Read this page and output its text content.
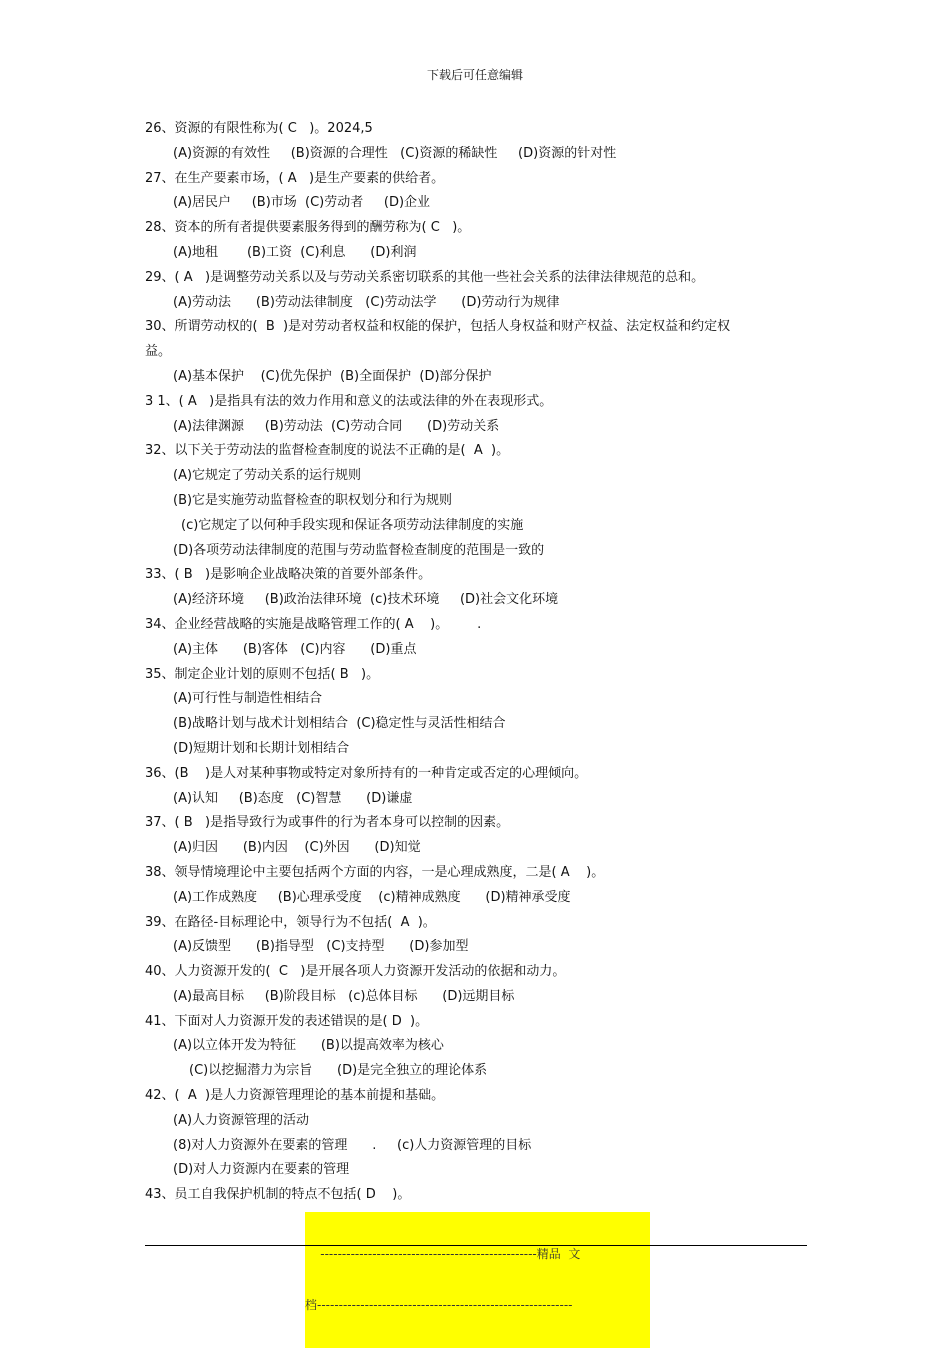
下载后可任意编辑
26、资源的有限性称为( C   )。2024,5
(A)资源的有效性     (B)资源的合理性   (C)资源的稀缺性     (D)资源的针对性
27、在生产要素市场，( A   )是生产要素的供给者。
(A)居民户     (B)市场  (C)劳动者     (D)企业
28、资本的所有者提供要素服务得到的酬劳称为( C   )。
(A)地租       (B)工资  (C)利息      (D)利润
29、( A   )是调整劳动关系以及与劳动关系密切联系的其他一些社会关系的法律法律规范的总和。
(A)劳动法      (B)劳动法律制度   (C)劳动法学      (D)劳动行为规律
30、所谓劳动权的(  B  )是对劳动者权益和权能的保护，包括人身权益和财产权益、法定权益和约定权
益。
(A)基本保护    (C)优先保护  (B)全面保护  (D)部分保护
3 1、( A   )是指具有法的效力作用和意义的法或法律的外在表现形式。
(A)法律渊源     (B)劳动法  (C)劳动合同      (D)劳动关系
32、以下关于劳动法的监督检查制度的说法不正确的是(  A  )。
(A)它规定了劳动关系的运行规则
(B)它是实施劳动监督检查的职权划分和行为规则
(c)它规定了以何种手段实现和保证各项劳动法律制度的实施
(D)各项劳动法律制度的范围与劳动监督检查制度的范围是一致的
33、( B   )是影响企业战略决策的首要外部条件。
(A)经济环境     (B)政治法律环境  (c)技术环境     (D)社会文化环境
34、企业经营战略的实施是战略管理工作的( A    )。       .
(A)主体      (B)客体   (C)内容      (D)重点
35、制定企业计划的原则不包括( B   )。
(A)可行性与制造性相结合
(B)战略计划与战术计划相结合  (C)稳定性与灵活性相结合
(D)短期计划和长期计划相结合
36、(B    )是人对某种事物或特定对象所持有的一种肯定或否定的心理倾向。
(A)认知     (B)态度   (C)智慧      (D)谦虚
37、( B   )是指导致行为或事件的行为者本身可以控制的因素。
(A)归因      (B)内因    (C)外因      (D)知觉
38、领导情境理论中主要包括两个方面的内容，一是心理成熟度，二是( A    )。
(A)工作成熟度     (B)心理承受度    (c)精神成熟度      (D)精神承受度
39、在路径-目标理论中，领导行为不包括(  A  )。
(A)反馈型      (B)指导型   (C)支持型      (D)参加型
40、人力资源开发的(  C   )是开展各项人力资源开发活动的依据和动力。
(A)最高目标     (B)阶段目标   (c)总体目标      (D)远期目标
41、下面对人力资源开发的表述错误的是( D  )。
(A)以立体开发为特征      (B)以提高效率为核心
(C)以挖掘潜力为宗旨      (D)是完全独立的理论体系
42、(  A  )是人力资源管理理论的基本前提和基础。
(A)人力资源管理的活动
(8)对人力资源外在要素的管理      .     (c)人力资源管理的目标
(D)对人力资源内在要素的管理
43、员工自我保护机制的特点不包括( D    )。

--------------------------------------------------精品  文

档-----------------------------------------------------------
